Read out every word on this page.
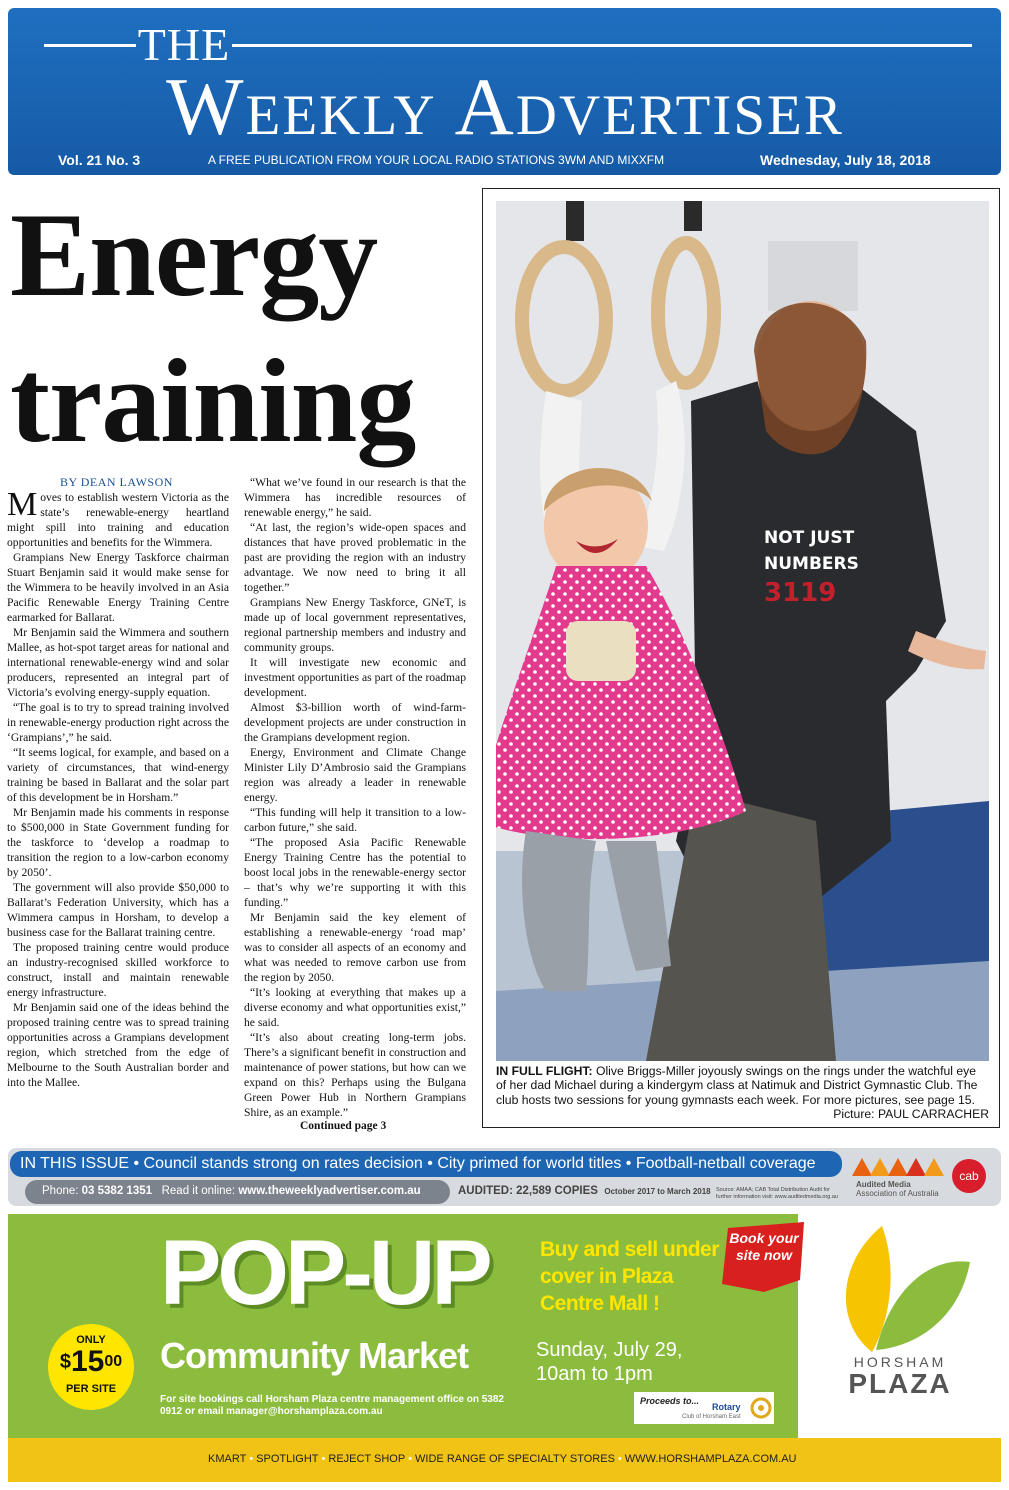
THE
Weekly Advertiser
Vol. 21 No. 3	A FREE PUBLICATION FROM YOUR LOCAL RADIO STATIONS 3WM AND MIXXFM	Wednesday, July 18, 2018
Energy
training
BY DEAN LAWSON

Moves to establish western Victoria as the state’s renewable-energy heartland might spill into training and education opportunities and benefits for the Wimmera.

Grampians New Energy Taskforce chairman Stuart Benjamin said it would make sense for the Wimmera to be heavily involved in an Asia Pacific Renewable Energy Training Centre earmarked for Ballarat.

Mr Benjamin said the Wimmera and southern Mallee, as hot-spot target areas for national and international renewable-energy wind and solar producers, represented an integral part of Victoria’s evolving energy-supply equation.

“The goal is to try to spread training involved in renewable-energy production right across the ‘Grampians’,” he said.

“It seems logical, for example, and based on a variety of circumstances, that wind-energy training be based in Ballarat and the solar part of this development be in Horsham.”

Mr Benjamin made his comments in response to $500,000 in State Government funding for the taskforce to ‘develop a roadmap to transition the region to a low-carbon economy by 2050’.

The government will also provide $50,000 to Ballarat’s Federation University, which has a Wimmera campus in Horsham, to develop a business case for the Ballarat training centre.

The proposed training centre would produce an industry-recognised skilled workforce to construct, install and maintain renewable energy infrastructure.

Mr Benjamin said one of the ideas behind the proposed training centre was to spread training opportunities across a Grampians development region, which stretched from the edge of Melbourne to the South Australian border and into the Mallee.

“What we’ve found in our research is that the Wimmera has incredible resources of renewable energy,” he said.

“At last, the region’s wide-open spaces and distances that have proved problematic in the past are providing the region with an industry advantage. We now need to bring it all together.”

Grampians New Energy Taskforce, GNeT, is made up of local government representatives, regional partnership members and industry and community groups.

It will investigate new economic and investment opportunities as part of the roadmap development.

Almost $3-billion worth of wind-farm-development projects are under construction in the Grampians development region.

Energy, Environment and Climate Change Minister Lily D’Ambrosio said the Grampians region was already a leader in renewable energy.

“This funding will help it transition to a low-carbon future,” she said.

“The proposed Asia Pacific Renewable Energy Training Centre has the potential to boost local jobs in the renewable-energy sector – that’s why we’re supporting it with this funding.”

Mr Benjamin said the key element of establishing a renewable-energy ‘road map’ was to consider all aspects of an economy and what was needed to remove carbon use from the region by 2050.

“It’s looking at everything that makes up a diverse economy and what opportunities exist,” he said.

“It’s also about creating long-term jobs. There’s a significant benefit in construction and maintenance of power stations, but how can we expand on this? Perhaps using the Bulgana Green Power Hub in Northern Grampians Shire, as an example.”

Continued page 3
NOT JUST
NUMBERS
3119
IN FULL FLIGHT: Olive Briggs-Miller joyously swings on the rings under the watchful eye of her dad Michael during a kindergym class at Natimuk and District Gymnastic Club. The club hosts two sessions for young gymnasts each week. For more pictures, see page 15.
Picture: PAUL CARRACHER
IN THIS ISSUE • Council stands strong on rates decision • City primed for world titles • Football-netball coverage
Phone: 03 5382 1351 Read it online: www.theweeklyadvertiser.com.au	AUDITED: 22,589 COPIES October 2017 to March 2018 Source: AMAA; CAB Total Distribution Audit for further information visit: www.auditedmedia.org.au
Audited Media
Association of Australia
cab
POP-UP
Community Market
Buy and sell under cover in Plaza Centre Mall !
Book your site now
Sunday, July 29,
10am to 1pm
ONLY
$1500
PER SITE
For site bookings call Horsham Plaza centre management office on 5382 0912 or email manager@horshamplaza.com.au
Proceeds to...
Rotary
Club of Horsham East
HORSHAM
PLAZA
KMART • SPOTLIGHT • REJECT SHOP • WIDE RANGE OF SPECIALTY STORES • WWW.HORSHAMPLAZA.COM.AU
